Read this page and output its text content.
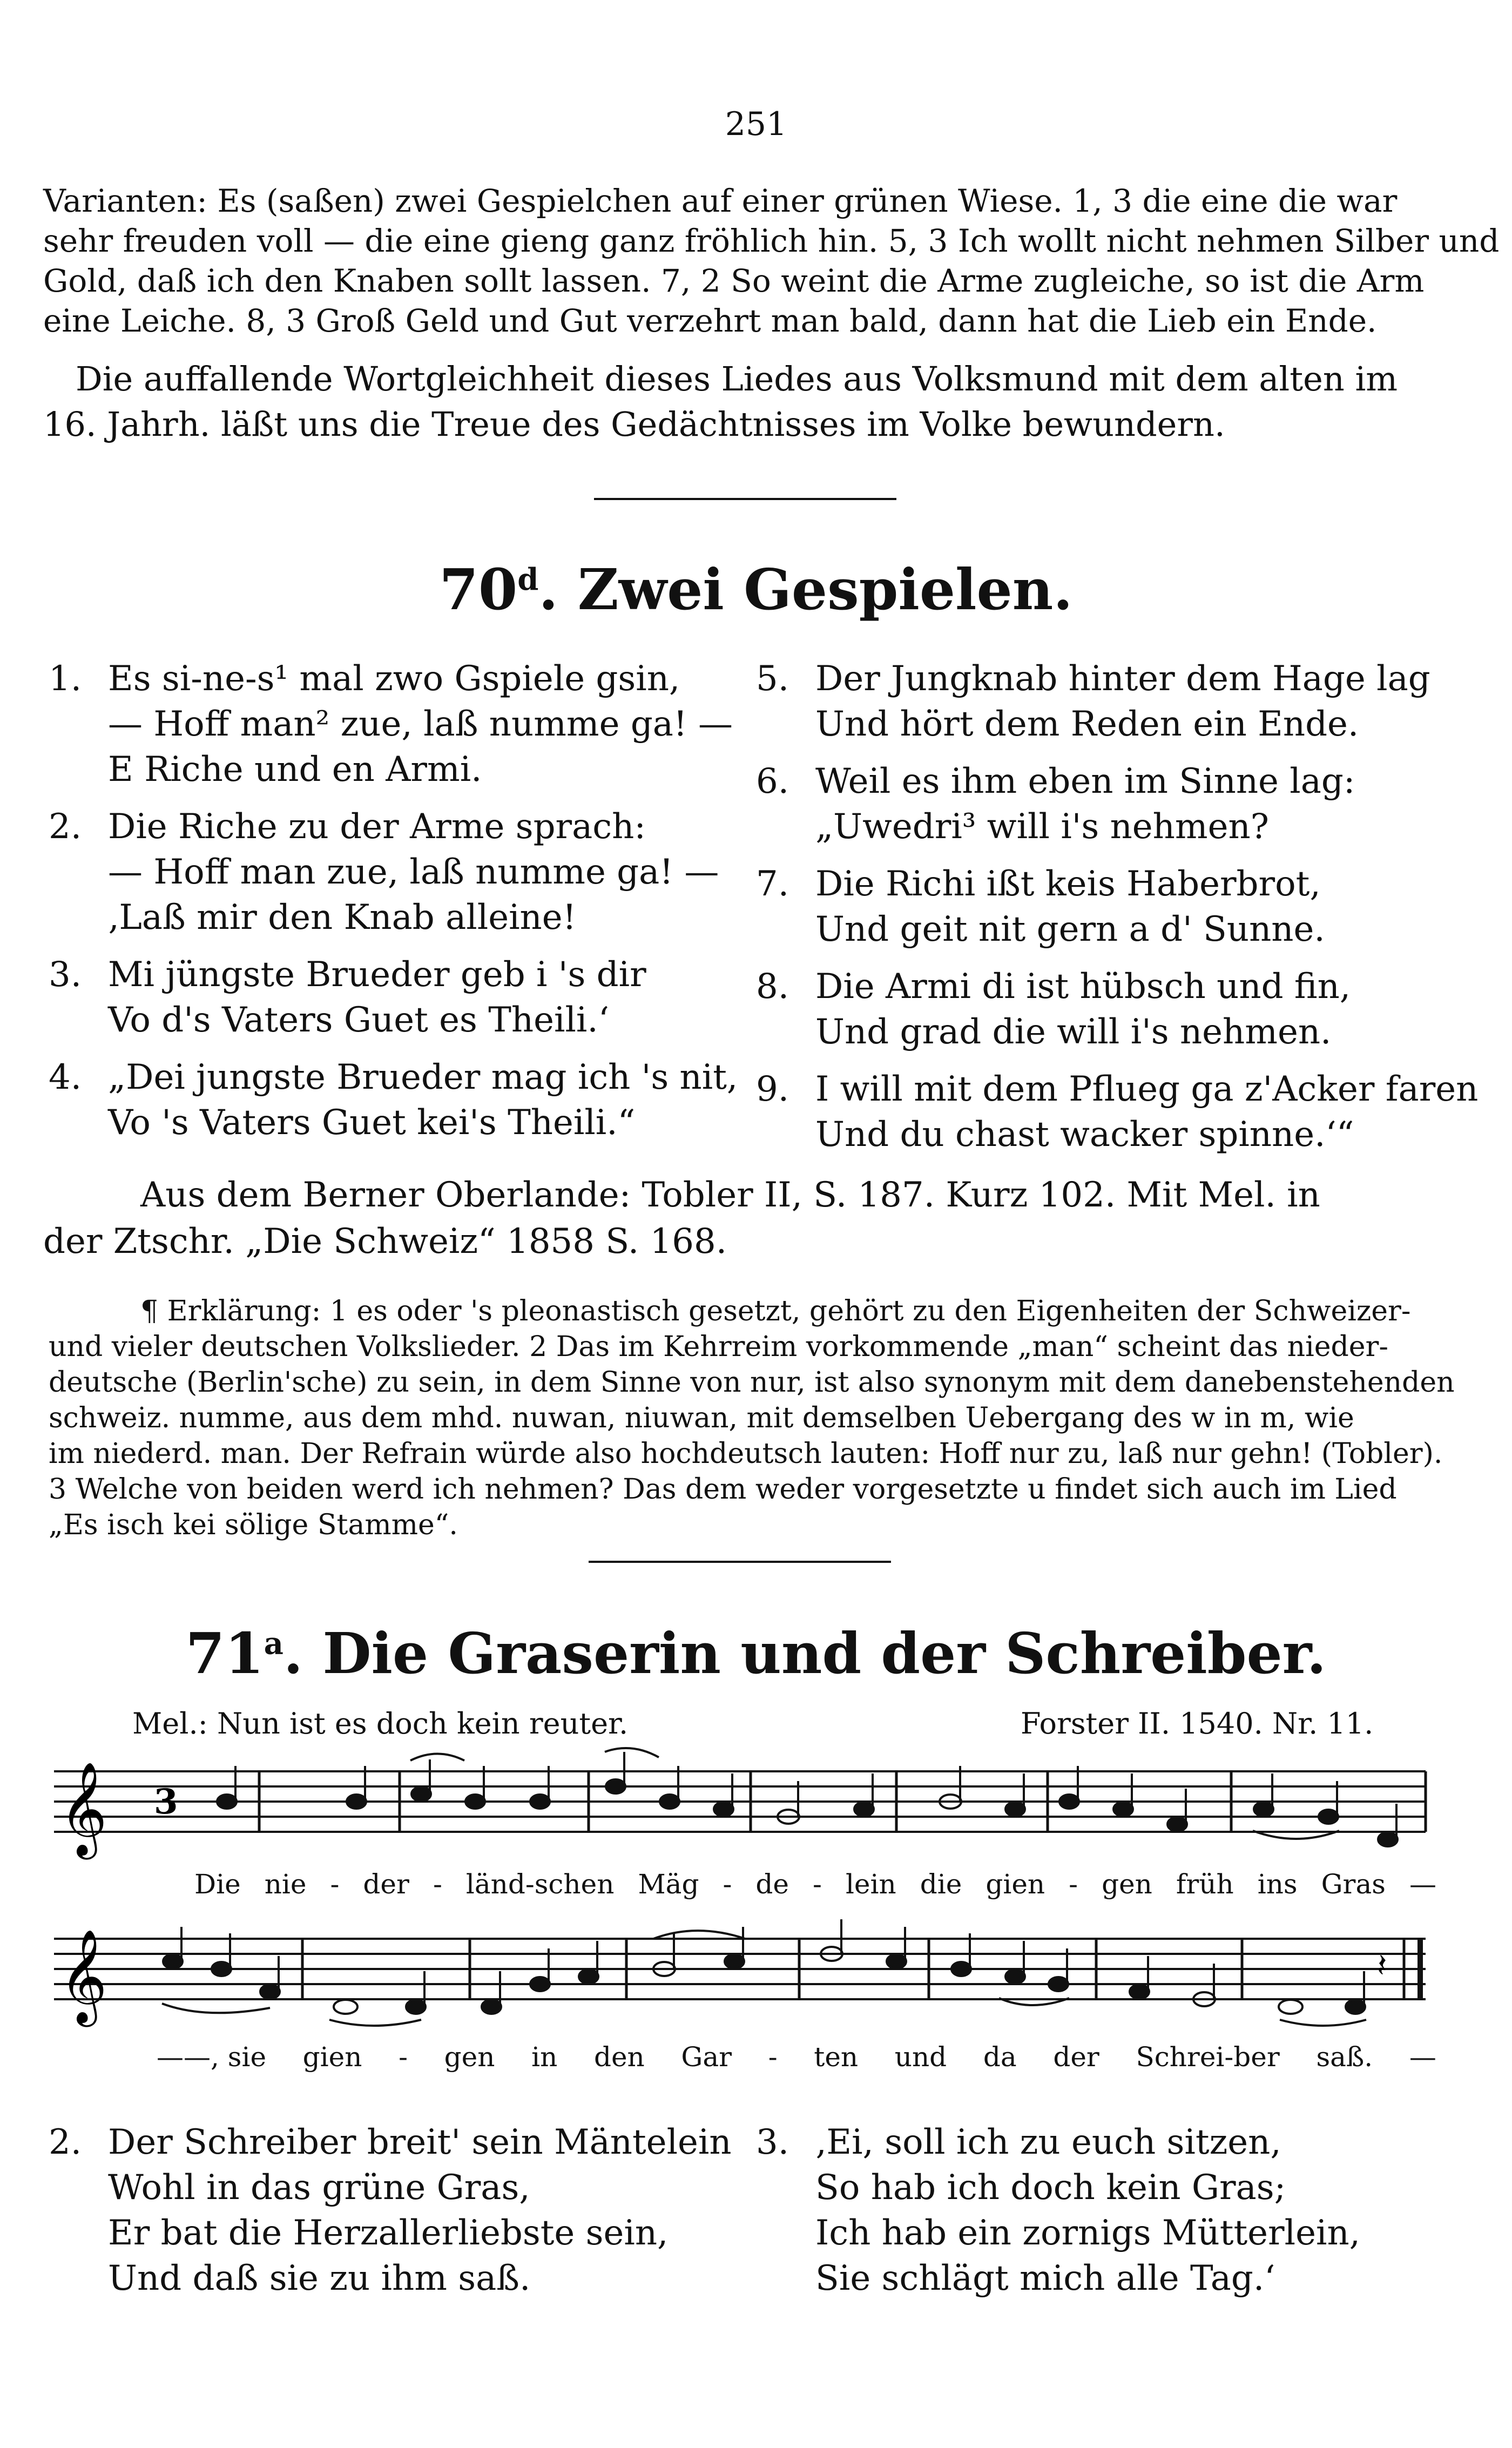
251
Varianten: Es (saßen) zwei Gespielchen auf einer grünen Wiese. 1, 3 die eine die war
sehr freuden voll — die eine gieng ganz fröhlich hin. 5, 3 Ich wollt nicht nehmen Silber und
Gold, daß ich den Knaben sollt lassen. 7, 2 So weint die Arme zugleiche, so ist die Arm
eine Leiche. 8, 3 Groß Geld und Gut verzehrt man bald, dann hat die Lieb ein Ende.
Die auffallende Wortgleichheit dieses Liedes aus Volksmund mit dem alten im
16. Jahrh. läßt uns die Treue des Gedächtnisses im Volke bewundern.
70$^d$. Zwei Gespielen.
1. Es si-ne-s¹ mal zwo Gspiele gsin,
— Hoff man² zue, laß numme ga! —
E Riche und en Armi.
2. Die Riche zu der Arme sprach:
— Hoff man zue, laß numme ga! —
‚Laß mir den Knab alleine!
3. Mi jüngste Brueder geb i 's dir
Vo d's Vaters Guet es Theili.‘
4. „Dei jungste Brueder mag ich 's nit,
Vo 's Vaters Guet kei's Theili.“
5. Der Jungknab hinter dem Hage lag
Und hört dem Reden ein Ende.
6. Weil es ihm eben im Sinne lag:
„Uwedri³ will i's nehmen?
7. Die Richi ißt keis Haberbrot,
Und geit nit gern a d' Sunne.
8. Die Armi di ist hübsch und fin,
Und grad die will i's nehmen.
9. I will mit dem Pflueg ga z'Acker faren
Und du chast wacker spinne.‘“
Aus dem Berner Oberlande: Tobler II, S. 187. Kurz 102. Mit Mel. in
der Ztschr. „Die Schweiz“ 1858 S. 168.
¶ Erklärung: 1 es oder 's pleonastisch gesetzt, gehört zu den Eigenheiten der Schweizer-
und vieler deutschen Volkslieder. 2 Das im Kehrreim vorkommende „man“ scheint das nieder-
deutsche (Berlin'sche) zu sein, in dem Sinne von nur, ist also synonym mit dem danebenstehenden
schweiz. numme, aus dem mhd. nuwan, niuwan, mit demselben Uebergang des w in m, wie
im niederd. man. Der Refrain würde also hochdeutsch lauten: Hoff nur zu, laß nur gehn! (Tobler).
3 Welche von beiden werd ich nehmen? Das dem weder vorgesetzte u findet sich auch im Lied
„Es isch kei sölige Stamme“.
71$^a$. Die Graserin und der Schreiber.
Mel.: Nun ist es doch kein reuter.	Forster II. 1540. Nr. 11.
𝄞 3
Die nie - der - länd-schen Mäg - de - lein die gien - gen früh ins Gras —
𝄞	𝄽
——, sie gien - gen in den Gar - ten und da der Schrei-ber saß. —
2. Der Schreiber breit' sein Mäntelein
Wohl in das grüne Gras,
Er bat die Herzallerliebste sein,
Und daß sie zu ihm saß.
3. ‚Ei, soll ich zu euch sitzen,
So hab ich doch kein Gras;
Ich hab ein zornigs Mütterlein,
Sie schlägt mich alle Tag.‘
